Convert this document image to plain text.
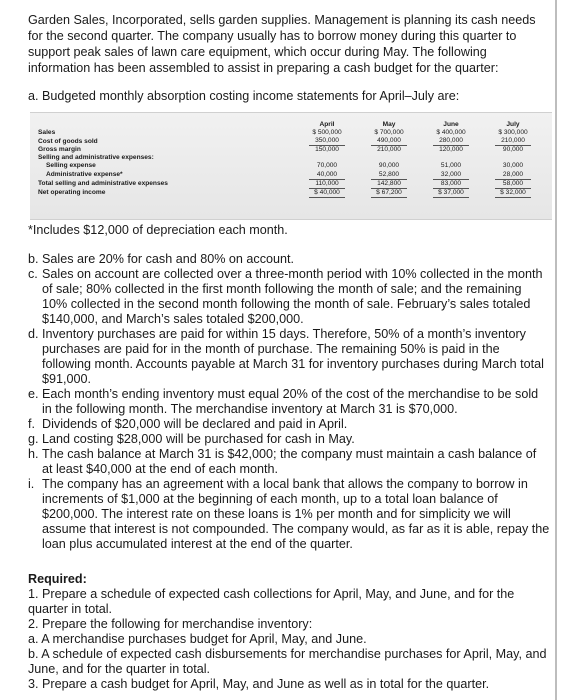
Garden Sales, Incorporated, sells garden supplies. Management is planning its cash needs for the second quarter. The company usually has to borrow money during this quarter to support peak sales of lawn care equipment, which occur during May. The following information has been assembled to assist in preparing a cash budget for the quarter:

a. Budgeted monthly absorption costing income statements for April–July are:

	April	May	June	July
Sales	$ 500,000	$ 700,000	$ 400,000	$ 300,000
Cost of goods sold	350,000	490,000	280,000	210,000
Gross margin	150,000	210,000	120,000	90,000
Selling and administrative expenses:				
Selling expense	70,000	90,000	51,000	30,000
Administrative expense*	40,000	52,800	32,000	28,000
Total selling and administrative expenses	110,000	142,800	83,000	58,000
Net operating income	$ 40,000	$ 67,200	$ 37,000	$ 32,000

*Includes $12,000 of depreciation each month.

b. Sales are 20% for cash and 80% on account.
c. Sales on account are collected over a three-month period with 10% collected in the month of sale; 80% collected in the first month following the month of sale; and the remaining 10% collected in the second month following the month of sale. February’s sales totaled $140,000, and March’s sales totaled $200,000.
d. Inventory purchases are paid for within 15 days. Therefore, 50% of a month’s inventory purchases are paid for in the month of purchase. The remaining 50% is paid in the following month. Accounts payable at March 31 for inventory purchases during March total $91,000.
e. Each month’s ending inventory must equal 20% of the cost of the merchandise to be sold in the following month. The merchandise inventory at March 31 is $70,000.
f. Dividends of $20,000 will be declared and paid in April.
g. Land costing $28,000 will be purchased for cash in May.
h. The cash balance at March 31 is $42,000; the company must maintain a cash balance of at least $40,000 at the end of each month.
i. The company has an agreement with a local bank that allows the company to borrow in increments of $1,000 at the beginning of each month, up to a total loan balance of $200,000. The interest rate on these loans is 1% per month and for simplicity we will assume that interest is not compounded. The company would, as far as it is able, repay the loan plus accumulated interest at the end of the quarter.

Required:

1. Prepare a schedule of expected cash collections for April, May, and June, and for the quarter in total.

2. Prepare the following for merchandise inventory:

a. A merchandise purchases budget for April, May, and June.

b. A schedule of expected cash disbursements for merchandise purchases for April, May, and June, and for the quarter in total.

3. Prepare a cash budget for April, May, and June as well as in total for the quarter.
